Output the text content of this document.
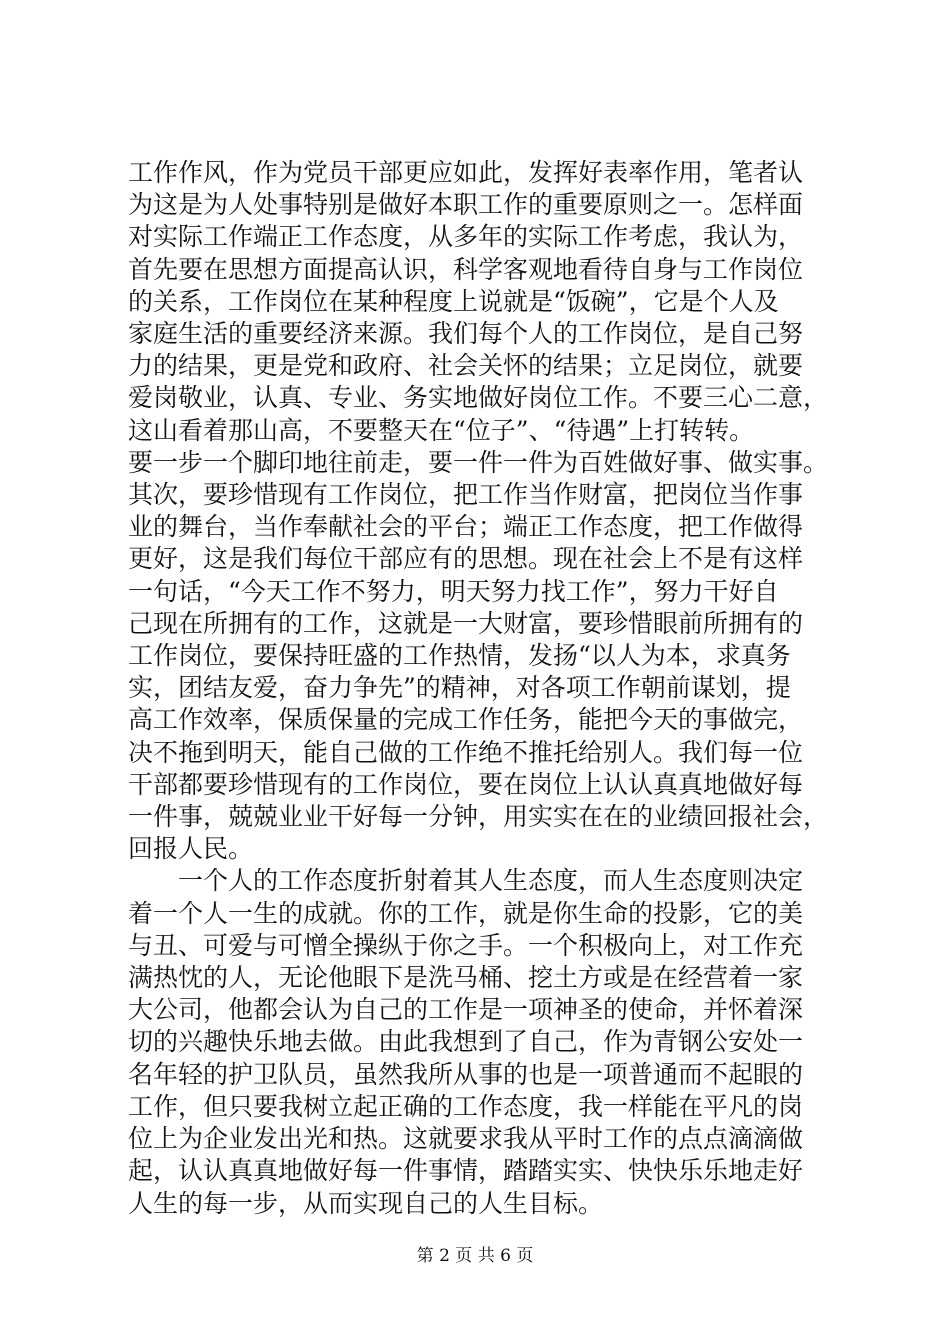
工作作风，作为党员干部更应如此，发挥好表率作用，笔者认
为这是为人处事特别是做好本职工作的重要原则之一。怎样面
对实际工作端正工作态度，从多年的实际工作考虑，我认为，
首先要在思想方面提高认识，科学客观地看待自身与工作岗位
的关系，工作岗位在某种程度上说就是“饭碗”，它是个人及
家庭生活的重要经济来源。我们每个人的工作岗位，是自己努
力的结果，更是党和政府、社会关怀的结果；立足岗位，就要
爱岗敬业，认真、专业、务实地做好岗位工作。不要三心二意，
这山看着那山高，不要整天在“位子”、“待遇”上打转转。
要一步一个脚印地往前走，要一件一件为百姓做好事、做实事。
其次，要珍惜现有工作岗位，把工作当作财富，把岗位当作事
业的舞台，当作奉献社会的平台；端正工作态度，把工作做得
更好，这是我们每位干部应有的思想。现在社会上不是有这样
一句话，“今天工作不努力，明天努力找工作”，努力干好自
己现在所拥有的工作，这就是一大财富，要珍惜眼前所拥有的
工作岗位，要保持旺盛的工作热情，发扬“以人为本，求真务
实，团结友爱，奋力争先”的精神，对各项工作朝前谋划，提
高工作效率，保质保量的完成工作任务，能把今天的事做完，
决不拖到明天，能自己做的工作绝不推托给别人。我们每一位
干部都要珍惜现有的工作岗位，要在岗位上认认真真地做好每
一件事，兢兢业业干好每一分钟，用实实在在的业绩回报社会，
回报人民。
一个人的工作态度折射着其人生态度，而人生态度则决定
着一个人一生的成就。你的工作，就是你生命的投影，它的美
与丑、可爱与可憎全操纵于你之手。一个积极向上，对工作充
满热忱的人，无论他眼下是洗马桶、挖土方或是在经营着一家
大公司，他都会认为自己的工作是一项神圣的使命，并怀着深
切的兴趣快乐地去做。由此我想到了自己，作为青钢公安处一
名年轻的护卫队员，虽然我所从事的也是一项普通而不起眼的
工作，但只要我树立起正确的工作态度，我一样能在平凡的岗
位上为企业发出光和热。这就要求我从平时工作的点点滴滴做
起，认认真真地做好每一件事情，踏踏实实、快快乐乐地走好
人生的每一步，从而实现自己的人生目标。
第 2 页 共 6 页
